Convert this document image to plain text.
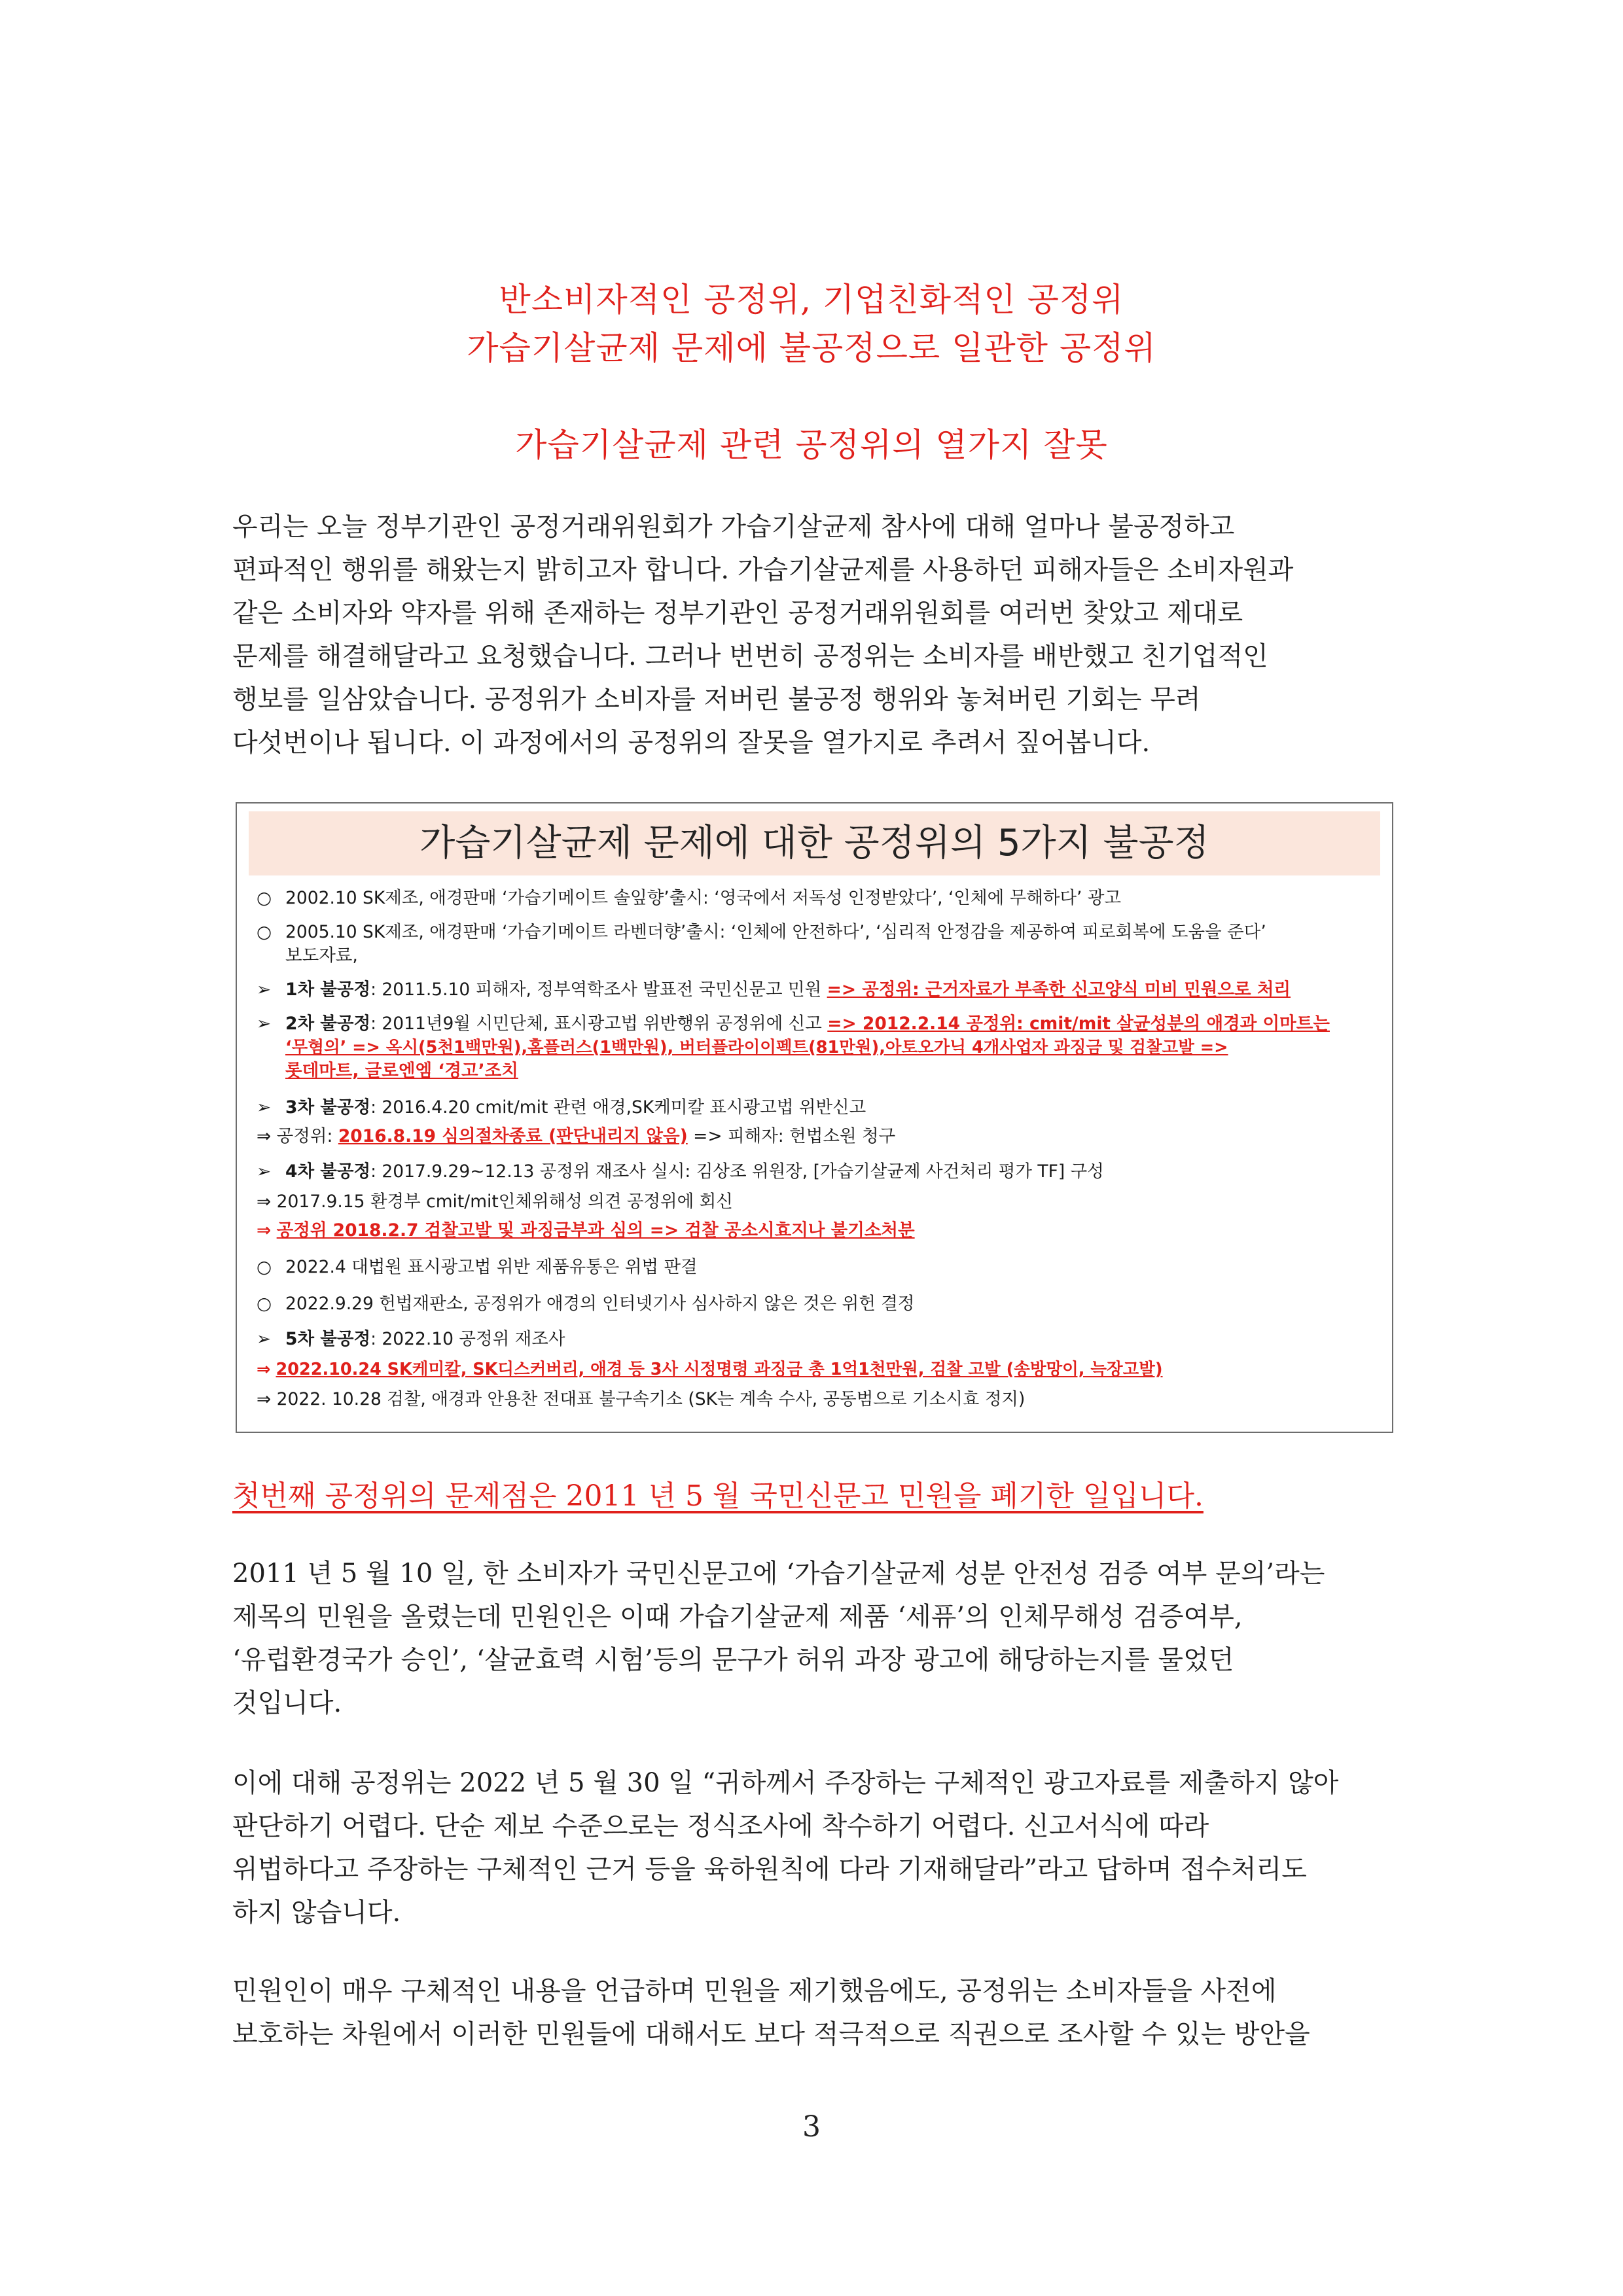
반소비자적인 공정위, 기업친화적인 공정위
가습기살균제 문제에 불공정으로 일관한 공정위
가습기살균제 관련 공정위의 열가지 잘못

우리는 오늘 정부기관인 공정거래위원회가 가습기살균제 참사에 대해 얼마나 불공정하고

편파적인 행위를 해왔는지 밝히고자 합니다. 가습기살균제를 사용하던 피해자들은 소비자원과

같은 소비자와 약자를 위해 존재하는 정부기관인 공정거래위원회를 여러번 찾았고 제대로

문제를 해결해달라고 요청했습니다. 그러나 번번히 공정위는 소비자를 배반했고 친기업적인

행보를 일삼았습니다. 공정위가 소비자를 저버린 불공정 행위와 놓쳐버린 기회는 무려

다섯번이나 됩니다. 이 과정에서의 공정위의 잘못을 열가지로 추려서 짚어봅니다.

가습기살균제 문제에 대한 공정위의 5가지 불공정
○ 2002.10 SK제조, 애경판매 ‘가습기메이트 솔잎향’출시: ‘영국에서 저독성 인정받았다’, ‘인체에 무해하다’ 광고
○ 2005.10 SK제조, 애경판매 ‘가습기메이트 라벤더향’출시: ‘인체에 안전하다’, ‘심리적 안정감을 제공하여 피로회복에 도움을 준다’
보도자료,
➢ 1차 불공정: 2011.5.10 피해자, 정부역학조사 발표전 국민신문고 민원 => 공정위: 근거자료가 부족한 신고양식 미비 민원으로 처리
➢ 2차 불공정: 2011년9월 시민단체, 표시광고법 위반행위 공정위에 신고 => 2012.2.14 공정위: cmit/mit 살균성분의 애경과 이마트는
‘무혐의’ => 옥시(5천1백만원),홈플러스(1백만원), 버터플라이이펙트(81만원),아토오가닉 4개사업자 과징금 및 검찰고발 =>
롯데마트, 글로엔엠 ‘경고’조치
➢ 3차 불공정: 2016.4.20 cmit/mit 관련 애경,SK케미칼 표시광고법 위반신고
⇒ 공정위: 2016.8.19 심의절차종료 (판단내리지 않음) => 피해자: 헌법소원 청구
➢ 4차 불공정: 2017.9.29~12.13 공정위 재조사 실시: 김상조 위원장, [가습기살균제 사건처리 평가 TF] 구성
⇒ 2017.9.15 환경부 cmit/mit인체위해성 의견 공정위에 회신
⇒ 공정위 2018.2.7 검찰고발 및 과징금부과 심의 => 검찰 공소시효지나 불기소처분
○ 2022.4 대법원 표시광고법 위반 제품유통은 위법 판결
○ 2022.9.29 헌법재판소, 공정위가 애경의 인터넷기사 심사하지 않은 것은 위헌 결정
➢ 5차 불공정: 2022.10 공정위 재조사
⇒ 2022.10.24 SK케미칼, SK디스커버리, 애경 등 3사 시정명령 과징금 총 1억1천만원, 검찰 고발 (송방망이, 늑장고발)
⇒ 2022. 10.28 검찰, 애경과 안용찬 전대표 불구속기소 (SK는 계속 수사, 공동범으로 기소시효 정지)
첫번째 공정위의 문제점은 2011 년 5 월 국민신문고 민원을 폐기한 일입니다.

2011 년 5 월 10 일, 한 소비자가 국민신문고에 ‘가습기살균제 성분 안전성 검증 여부 문의’라는

제목의 민원을 올렸는데 민원인은 이때 가습기살균제 제품 ‘세퓨’의 인체무해성 검증여부,

‘유럽환경국가 승인’, ‘살균효력 시험’등의 문구가 허위 과장 광고에 해당하는지를 물었던

것입니다.

이에 대해 공정위는 2022 년 5 월 30 일 “귀하께서 주장하는 구체적인 광고자료를 제출하지 않아

판단하기 어렵다. 단순 제보 수준으로는 정식조사에 착수하기 어렵다. 신고서식에 따라

위법하다고 주장하는 구체적인 근거 등을 육하원칙에 다라 기재해달라”라고 답하며 접수처리도

하지 않습니다.

민원인이 매우 구체적인 내용을 언급하며 민원을 제기했음에도, 공정위는 소비자들을 사전에

보호하는 차원에서 이러한 민원들에 대해서도 보다 적극적으로 직권으로 조사할 수 있는 방안을

3
